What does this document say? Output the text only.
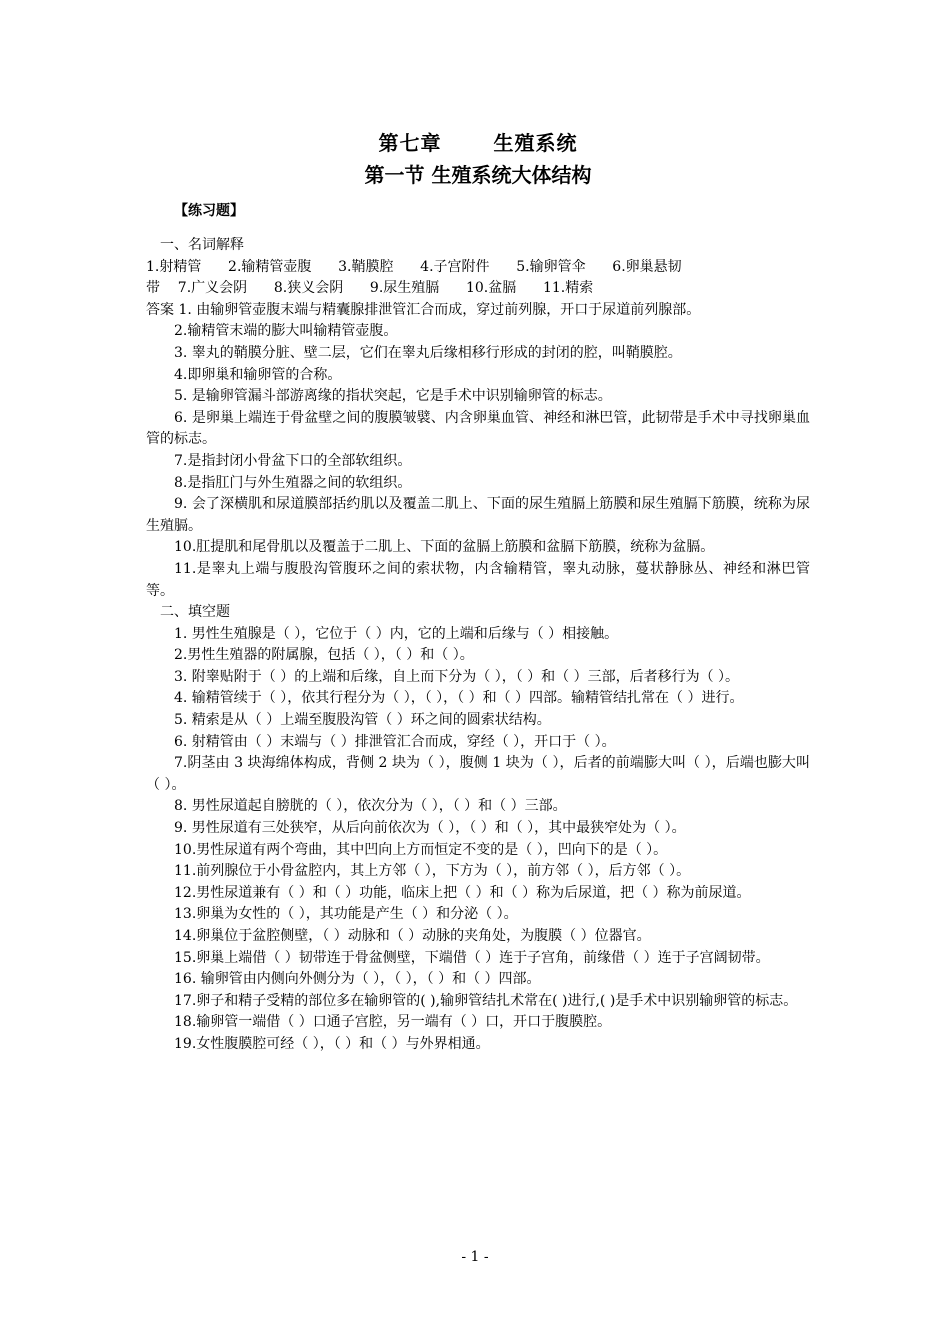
第七章	生殖系统
第一节 生殖系统大体结构
【练习题】

一、名词解释

1.射精管      2.输精管壶腹      3.鞘膜腔      4.子宫附件      5.输卵管伞      6.卵巢悬韧

带    7.广义会阴      8.狭义会阴      9.尿生殖膈      10.盆膈      11.精索

答案 1. 由输卵管壶腹末端与精囊腺排泄管汇合而成，穿过前列腺，开口于尿道前列腺部。

2.输精管末端的膨大叫输精管壶腹。

3. 睾丸的鞘膜分脏、壁二层，它们在睾丸后缘相移行形成的封闭的腔，叫鞘膜腔。

4.即卵巢和输卵管的合称。

5. 是输卵管漏斗部游离缘的指状突起，它是手术中识别输卵管的标志。

6. 是卵巢上端连于骨盆壁之间的腹膜皱襞、内含卵巢血管、神经和淋巴管，此韧带是手术中寻找卵巢血管的标志。

7.是指封闭小骨盆下口的全部软组织。

8.是指肛门与外生殖器之间的软组织。

9. 会了深横肌和尿道膜部括约肌以及覆盖二肌上、下面的尿生殖膈上筋膜和尿生殖膈下筋膜，统称为尿生殖膈。

10.肛提肌和尾骨肌以及覆盖于二肌上、下面的盆膈上筋膜和盆膈下筋膜，统称为盆膈。

11.是睾丸上端与腹股沟管腹环之间的索状物，内含输精管，睾丸动脉，蔓状静脉丛、神经和淋巴管等。

二、填空题

1. 男性生殖腺是（ ），它位于（ ）内，它的上端和后缘与（ ）相接触。

2.男性生殖器的附属腺，包括（ ），（ ）和（ ）。

3. 附睾贴附于（ ）的上端和后缘，自上而下分为（ ），（ ）和（ ）三部，后者移行为（ ）。

4. 输精管续于（ ），依其行程分为（ ），（ ），（ ）和（ ）四部。输精管结扎常在（ ）进行。

5. 精索是从（ ）上端至腹股沟管（ ）环之间的圆索状结构。

6. 射精管由（ ）末端与（ ）排泄管汇合而成，穿经（ ），开口于（ ）。

7.阴茎由 3 块海绵体构成，背侧 2 块为（ ），腹侧 1 块为（ ），后者的前端膨大叫（ ），后端也膨大叫（ ）。

8. 男性尿道起自膀胱的（ ），依次分为（ ），（ ）和（ ）三部。

9. 男性尿道有三处狭窄，从后向前依次为（ ），（ ）和（ ），其中最狭窄处为（ ）。

10.男性尿道有两个弯曲，其中凹向上方而恒定不变的是（ ），凹向下的是（ ）。

11.前列腺位于小骨盆腔内，其上方邻（ ），下方为（ ），前方邻（ ），后方邻（ ）。

12.男性尿道兼有（ ）和（ ）功能，临床上把（ ）和（ ）称为后尿道，把（ ）称为前尿道。

13.卵巢为女性的（ ），其功能是产生（ ）和分泌（ ）。

14.卵巢位于盆腔侧壁，（ ）动脉和（ ）动脉的夹角处，为腹膜（ ）位器官。

15.卵巢上端借（ ）韧带连于骨盆侧壁，下端借（ ）连于子宫角，前缘借（ ）连于子宫阔韧带。

16. 输卵管由内侧向外侧分为（ ），（ ），（ ）和（ ）四部。

17.卵子和精子受精的部位多在输卵管的( ),输卵管结扎术常在( )进行,( )是手术中识别输卵管的标志。

18.输卵管一端借（ ）口通子宫腔，另一端有（ ）口，开口于腹膜腔。

19.女性腹膜腔可经（ ），（ ）和（ ）与外界相通。

- 1 -
